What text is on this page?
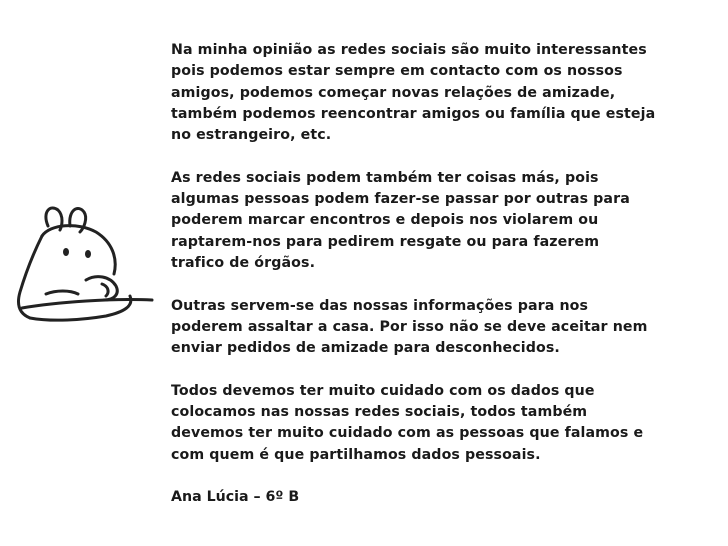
Na minha opinião as redes sociais são muito interessantes
pois podemos estar sempre em contacto com os nossos
amigos, podemos começar novas relações de amizade,
também podemos reencontrar amigos ou família que esteja
no estrangeiro, etc.

As redes sociais podem também ter coisas más, pois
algumas pessoas podem fazer-se passar por outras para
poderem marcar encontros e depois nos violarem ou
raptarem-nos para pedirem resgate ou para fazerem
trafico de órgãos.

Outras servem-se das nossas informações para nos
poderem assaltar a casa. Por isso não se deve aceitar nem
enviar pedidos de amizade para desconhecidos.

Todos devemos ter muito cuidado com os dados que
colocamos nas nossas redes sociais, todos também
devemos ter muito cuidado com as pessoas que falamos e
com quem é que partilhamos dados pessoais.

Ana Lúcia – 6º B
